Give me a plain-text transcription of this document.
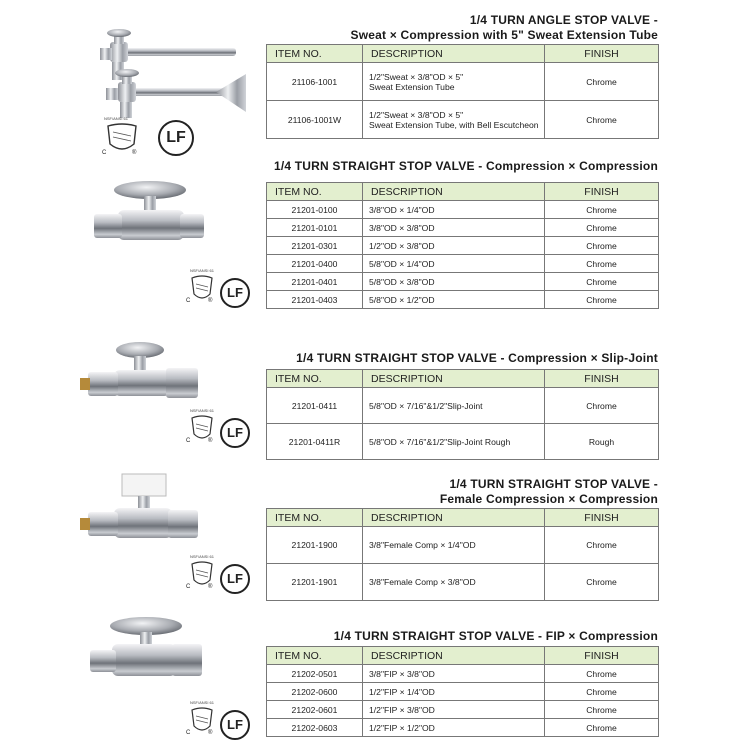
1/4 TURN ANGLE STOP VALVE -
Sweat × Compression with 5" Sweat Extension Tube
ITEM NO.	DESCRIPTION	FINISH
21106-1001	1/2"Sweat × 3/8"OD × 5"
Sweat Extension Tube	Chrome
21106-1001W	1/2"Sweat × 3/8"OD × 5"
Sweat Extension Tube, with Bell Escutcheon	Chrome
1/4 TURN STRAIGHT STOP VALVE - Compression × Compression
ITEM NO.	DESCRIPTION	FINISH
21201-0100	3/8"OD × 1/4"OD	Chrome
21201-0101	3/8"OD × 3/8"OD	Chrome
21201-0301	1/2"OD × 3/8"OD	Chrome
21201-0400	5/8"OD × 1/4"OD	Chrome
21201-0401	5/8"OD × 3/8"OD	Chrome
21201-0403	5/8"OD × 1/2"OD	Chrome
1/4 TURN STRAIGHT STOP VALVE - Compression × Slip-Joint
ITEM NO.	DESCRIPTION	FINISH
21201-0411	5/8"OD × 7/16"&1/2"Slip-Joint	Chrome
21201-0411R	5/8"OD × 7/16"&1/2"Slip-Joint Rough	Rough
1/4 TURN STRAIGHT STOP VALVE -
Female Compression × Compression
ITEM NO.	DESCRIPTION	FINISH
21201-1900	3/8"Female Comp × 1/4"OD	Chrome
21201-1901	3/8"Female Comp × 3/8"OD	Chrome
1/4 TURN STRAIGHT STOP VALVE - FIP × Compression
ITEM NO.	DESCRIPTION	FINISH
21202-0501	3/8"FIP × 3/8"OD	Chrome
21202-0600	1/2"FIP × 1/4"OD	Chrome
21202-0601	1/2"FIP × 3/8"OD	Chrome
21202-0603	1/2"FIP × 1/2"OD	Chrome
NSF/ANSI 61
C	®
LF
NSF/ANSI 61
C	®
LF
NSF/ANSI 61
C	®
LF
NSF/ANSI 61
C	®
LF
NSF/ANSI 61
C	®
LF
